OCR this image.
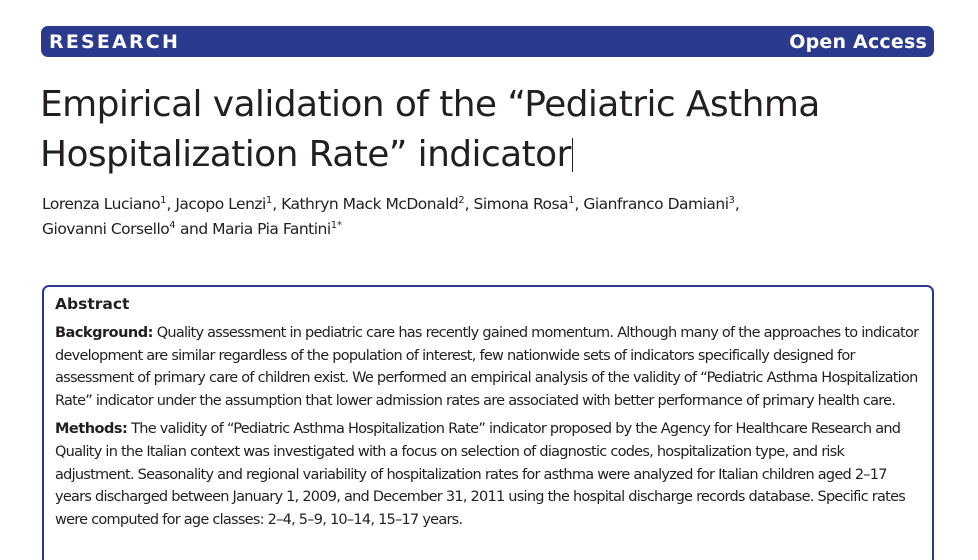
RESEARCH	Open Access
Empirical validation of the “Pediatric Asthma Hospitalization Rate” indicator

Lorenza Luciano$^1$, Jacopo Lenzi$^1$, Kathryn Mack McDonald$^2$, Simona Rosa$^1$, Gianfranco Damiani$^3$,
Giovanni Corsello$^4$ and Maria Pia Fantini$^{1*}$

Abstract

Background: Quality assessment in pediatric care has recently gained momentum. Although many of the approaches to indicator development are similar regardless of the population of interest, few nationwide sets of indicators specifically designed for assessment of primary care of children exist. We performed an empirical analysis of the validity of “Pediatric Asthma Hospitalization Rate” indicator under the assumption that lower admission rates are associated with better performance of primary health care.

Methods: The validity of “Pediatric Asthma Hospitalization Rate” indicator proposed by the Agency for Healthcare Research and Quality in the Italian context was investigated with a focus on selection of diagnostic codes, hospitalization type, and risk adjustment. Seasonality and regional variability of hospitalization rates for asthma were analyzed for Italian children aged 2–17 years discharged between January 1, 2009, and December 31, 2011 using the hospital discharge records database. Specific rates were computed for age classes: 2–4, 5–9, 10–14, 15–17 years.
